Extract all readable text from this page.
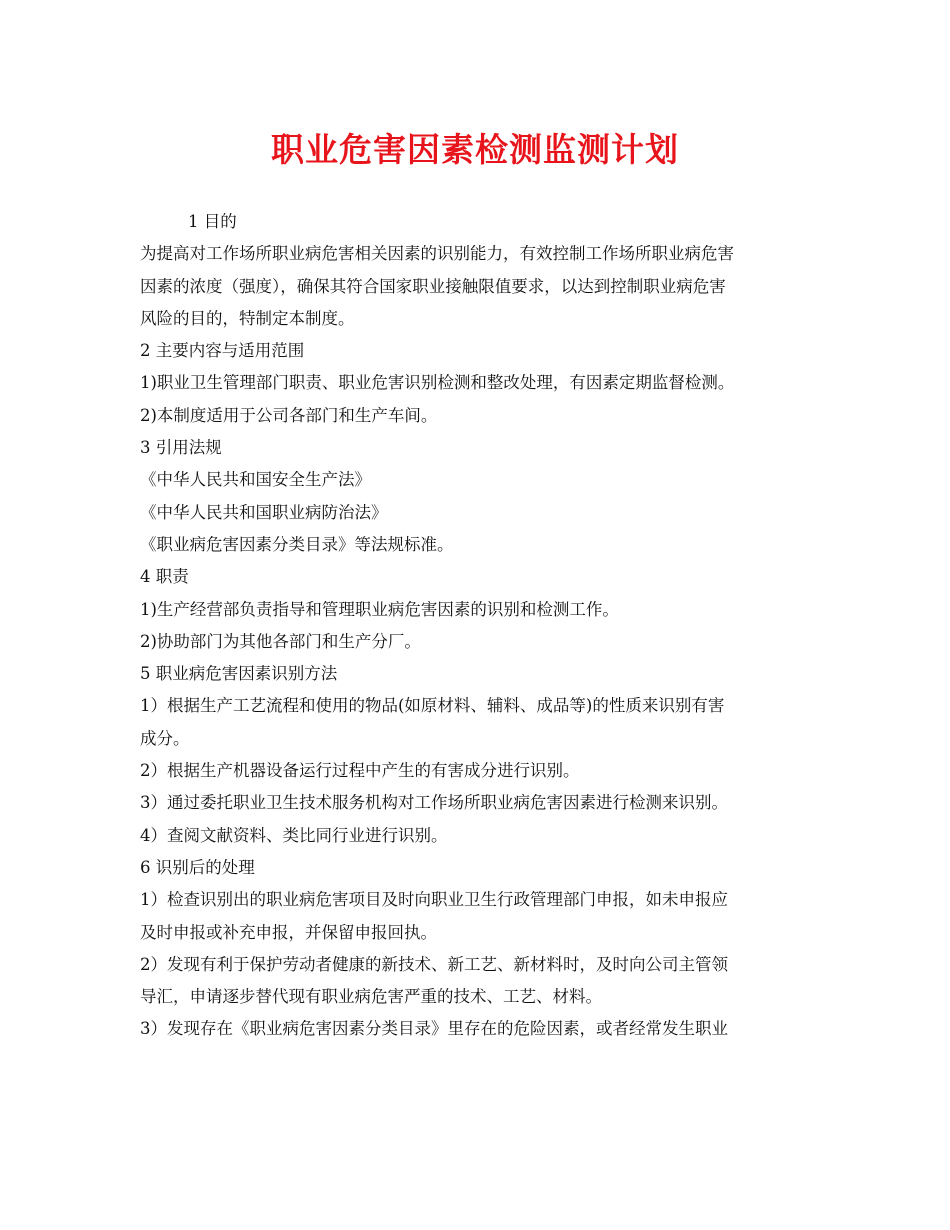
职业危害因素检测监测计划
1 目的
为提高对工作场所职业病危害相关因素的识别能力，有效控制工作场所职业病危害
因素的浓度（强度），确保其符合国家职业接触限值要求，以达到控制职业病危害
风险的目的，特制定本制度。
2 主要内容与适用范围
1)职业卫生管理部门职责、职业危害识别检测和整改处理，有因素定期监督检测。
2)本制度适用于公司各部门和生产车间。
3 引用法规
《中华人民共和国安全生产法》
《中华人民共和国职业病防治法》
《职业病危害因素分类目录》等法规标准。
4 职责
1)生产经营部负责指导和管理职业病危害因素的识别和检测工作。
2)协助部门为其他各部门和生产分厂。
5 职业病危害因素识别方法
1）根据生产工艺流程和使用的物品(如原材料、辅料、成品等)的性质来识别有害
成分。
2）根据生产机器设备运行过程中产生的有害成分进行识别。
3）通过委托职业卫生技术服务机构对工作场所职业病危害因素进行检测来识别。
4）查阅文献资料、类比同行业进行识别。
6 识别后的处理
1）检查识别出的职业病危害项目及时向职业卫生行政管理部门申报，如未申报应
及时申报或补充申报，并保留申报回执。
2）发现有利于保护劳动者健康的新技术、新工艺、新材料时，及时向公司主管领
导汇，申请逐步替代现有职业病危害严重的技术、工艺、材料。
3）发现存在《职业病危害因素分类目录》里存在的危险因素，或者经常发生职业
